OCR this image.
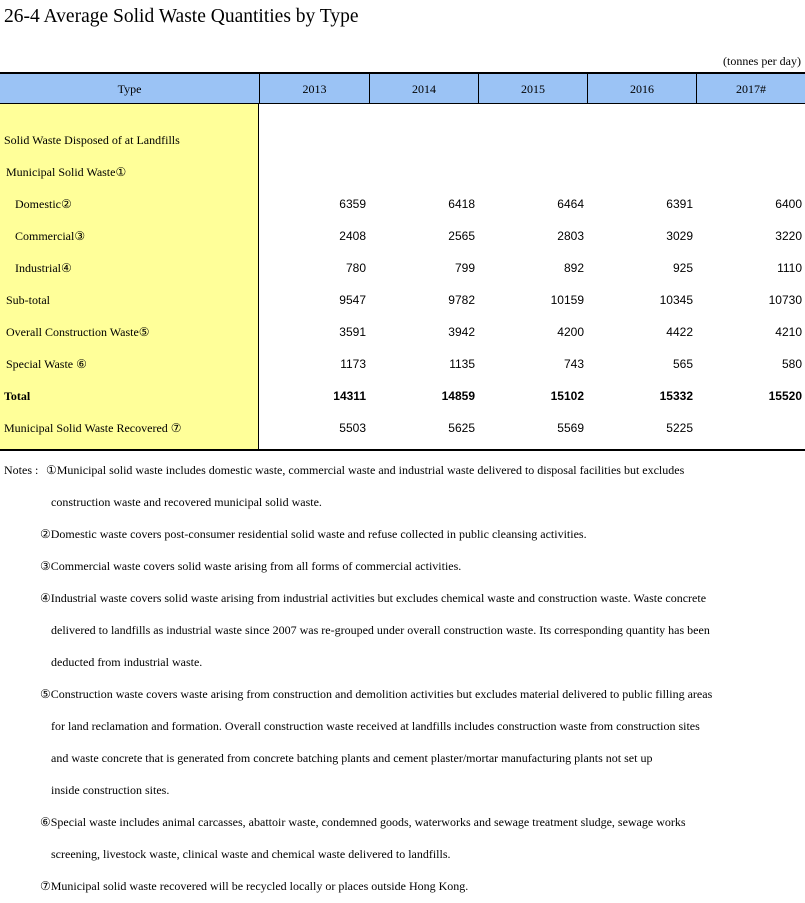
26-4 Average Solid Waste Quantities by Type
(tonnes per day)
Type	2013	2014	2015	2016	2017#
Solid Waste Disposed of at Landfills
Municipal Solid Waste①
Domestic②	6359	6418	6464	6391	6400
Commercial③	2408	2565	2803	3029	3220
Industrial④	780	799	892	925	1110
Sub-total	9547	9782	10159	10345	10730
Overall Construction Waste⑤	3591	3942	4200	4422	4210
Special Waste ⑥	1173	1135	743	565	580
Total	14311	14859	15102	15332	15520
Municipal Solid Waste Recovered ⑦	5503	5625	5569	5225
Notes : ①Municipal solid waste includes domestic waste, commercial waste and industrial waste delivered to disposal facilities but excludes
construction waste and recovered municipal solid waste.
②Domestic waste covers post-consumer residential solid waste and refuse collected in public cleansing activities.
③Commercial waste covers solid waste arising from all forms of commercial activities.
④Industrial waste covers solid waste arising from industrial activities but excludes chemical waste and construction waste. Waste concrete
delivered to landfills as industrial waste since 2007 was re-grouped under overall construction waste. Its corresponding quantity has been
deducted from industrial waste.
⑤Construction waste covers waste arising from construction and demolition activities but excludes material delivered to public filling areas
for land reclamation and formation. Overall construction waste received at landfills includes construction waste from construction sites
and waste concrete that is generated from concrete batching plants and cement plaster/mortar manufacturing plants not set up
inside construction sites.
⑥Special waste includes animal carcasses, abattoir waste, condemned goods, waterworks and sewage treatment sludge, sewage works
screening, livestock waste, clinical waste and chemical waste delivered to landfills.
⑦Municipal solid waste recovered will be recycled locally or places outside Hong Kong.
